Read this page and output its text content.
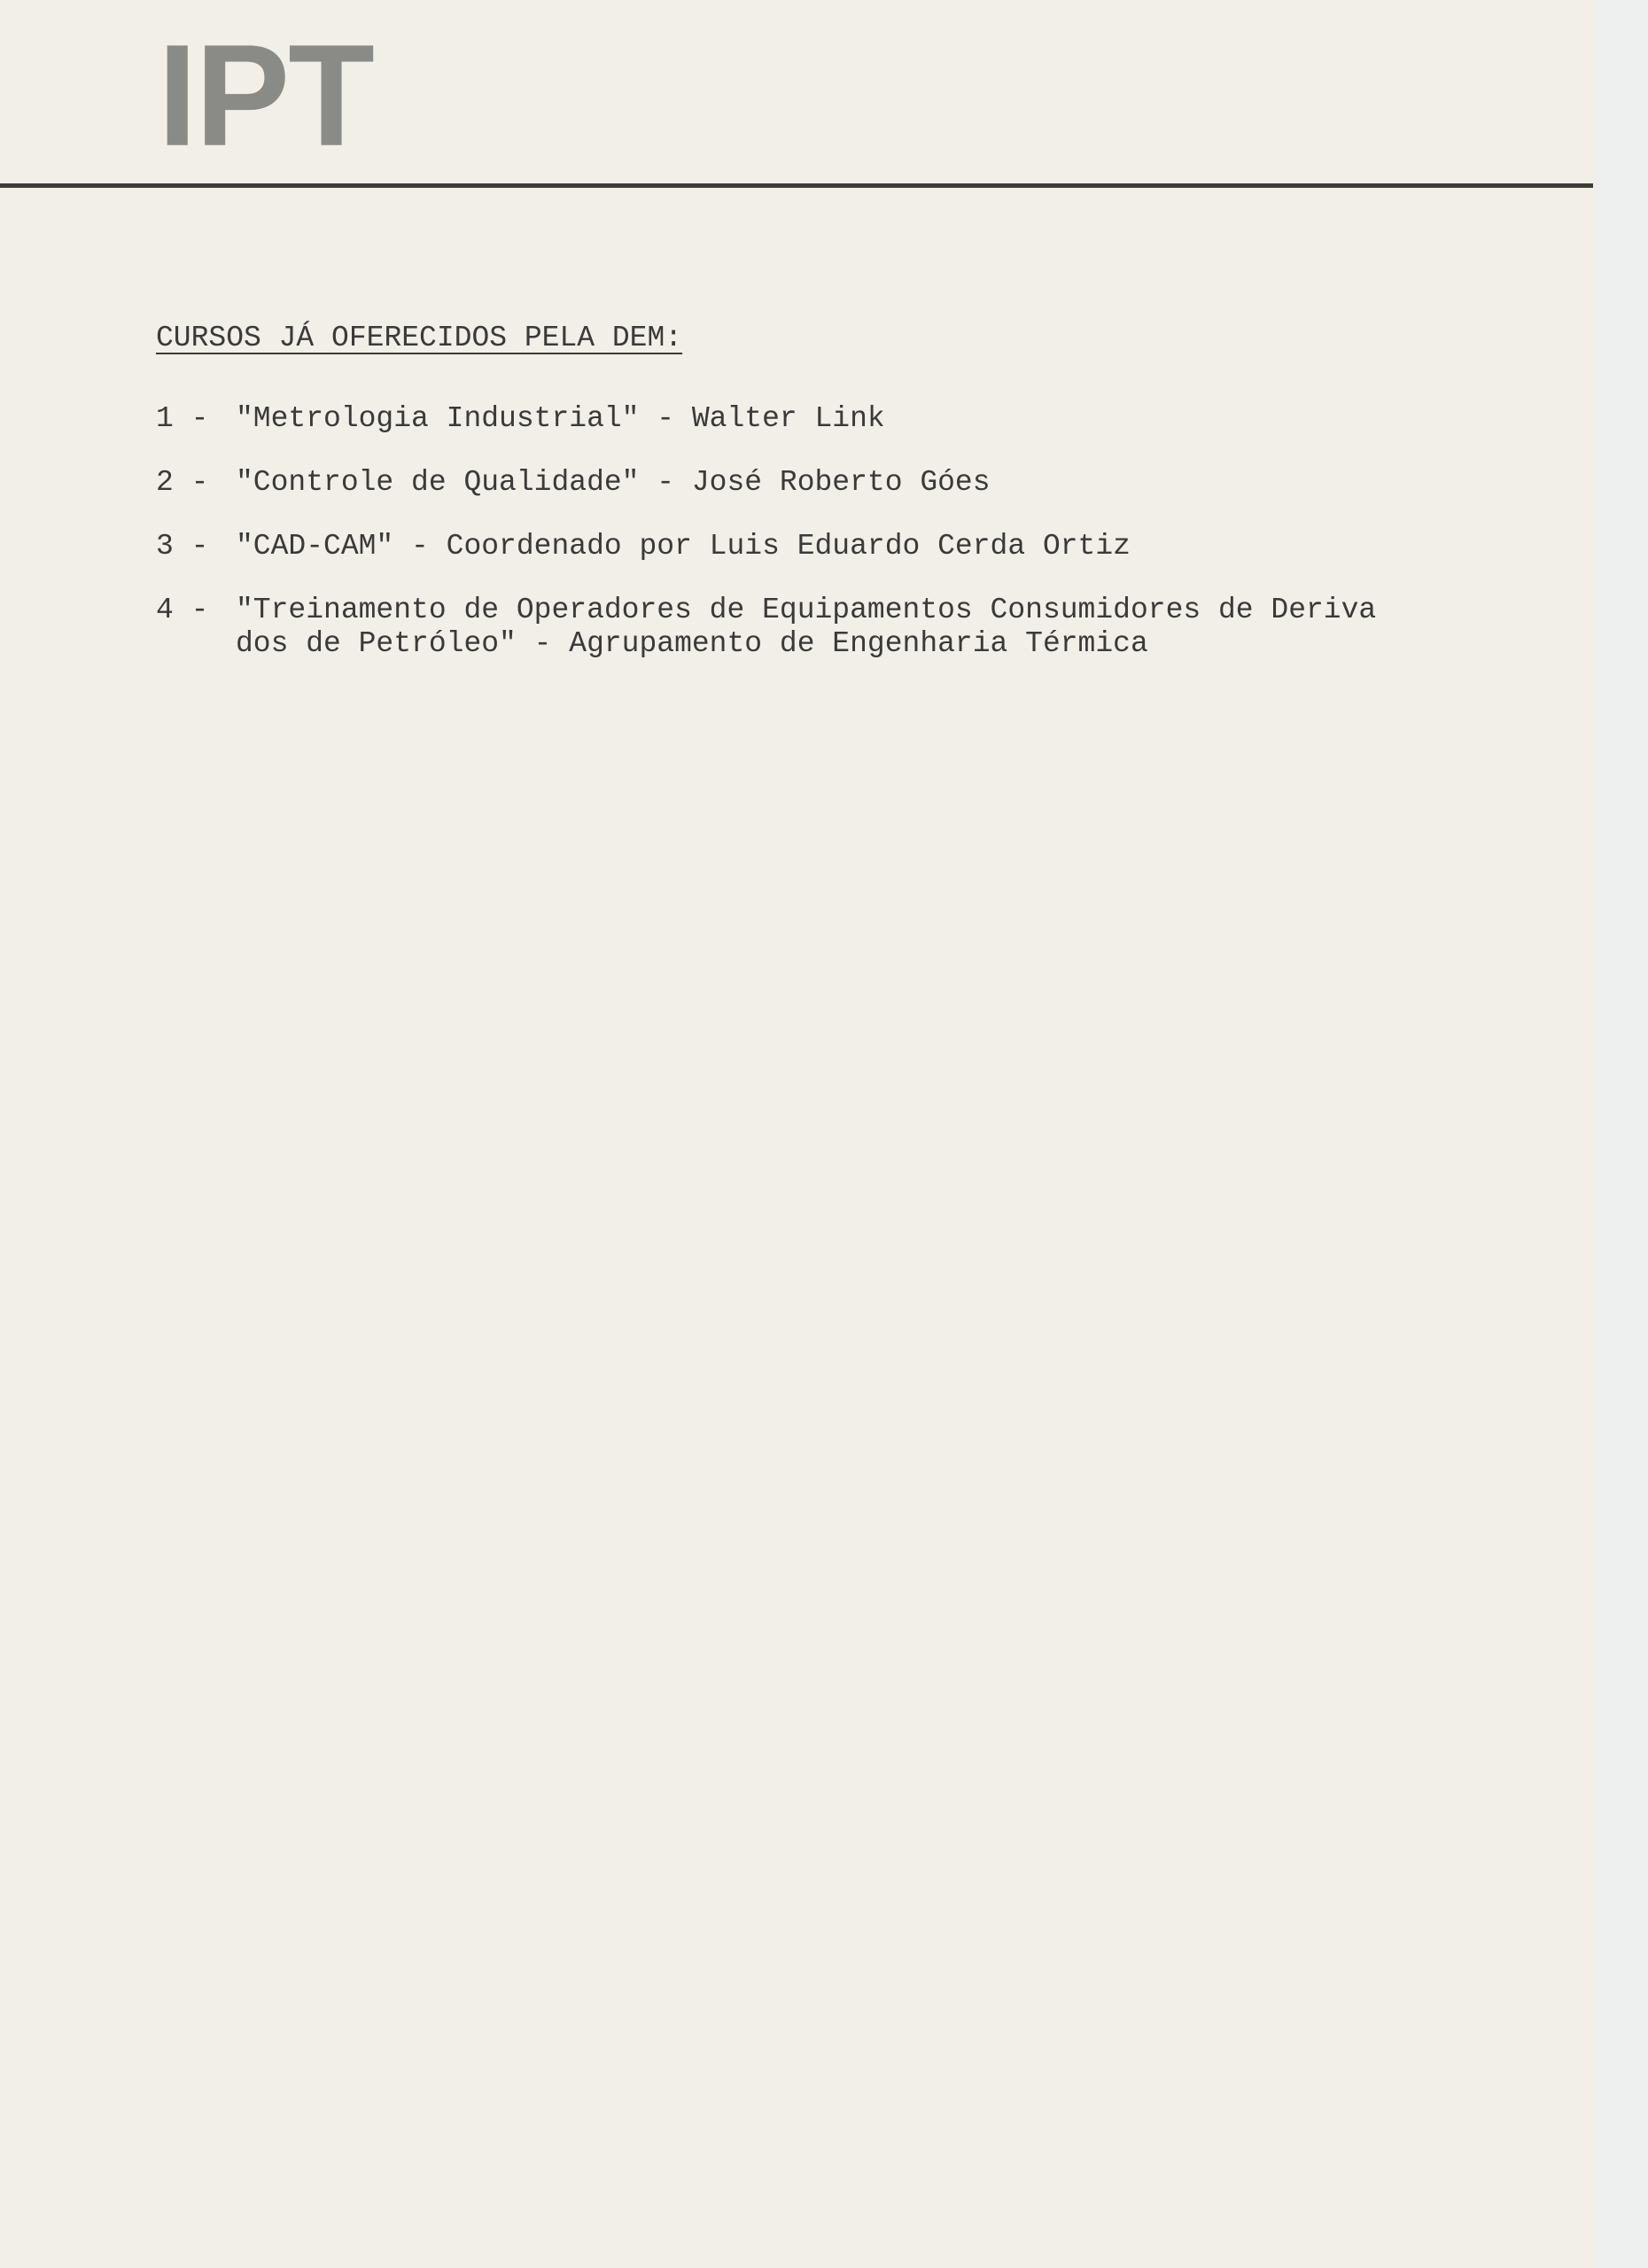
IPT
CURSOS JÁ OFERECIDOS PELA DEM:
1 - "Metrologia Industrial" - Walter Link
2 - "Controle de Qualidade" - José Roberto Góes
3 - "CAD-CAM" - Coordenado por Luis Eduardo Cerda Ortiz
4 - "Treinamento de Operadores de Equipamentos Consumidores de Deriva
dos de Petróleo" - Agrupamento de Engenharia Térmica
